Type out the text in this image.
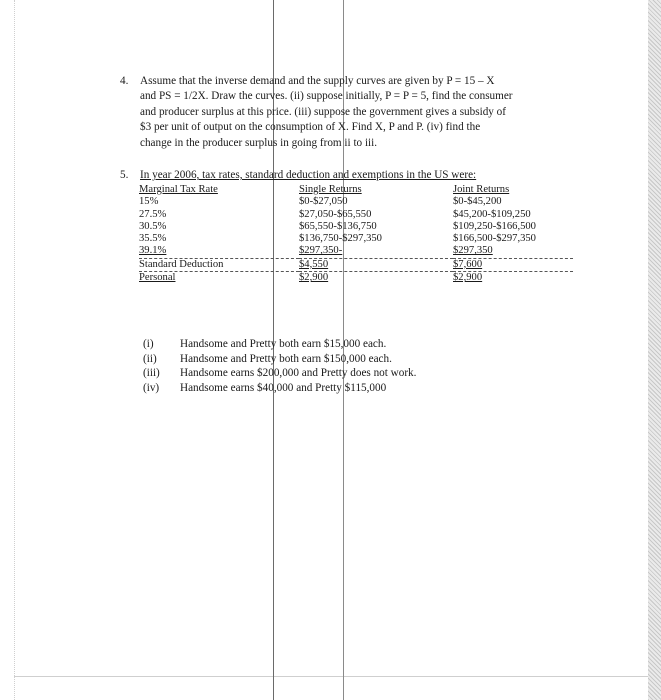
4. Assume that the inverse demand and the supply curves are given by P = 15 – X
and PS = 1/2X. Draw the curves. (ii) suppose initially, P = P = 5, find the consumer
and producer surplus at this price. (iii) suppose the government gives a subsidy of
$3 per unit of output on the consumption of X. Find X, P and P. (iv) find the
change in the producer surplus in going from ii to iii.
5. In year 2006, tax rates, standard deduction and exemptions in the US were:
Marginal Tax Rate	Single Returns	Joint Returns
15%	$0-$27,050	$0-$45,200
27.5%	$27,050-$65,550	$45,200-$109,250
30.5%	$65,550-$136,750	$109,250-$166,500
35.5%	$136,750-$297,350	$166,500-$297,350
39.1%	$297,350-	$297,350
Standard Deduction	$4,550	$7,600
Personal	$2,900	$2,900
(i) Handsome and Pretty both earn $15,000 each.
(ii) Handsome and Pretty both earn $150,000 each.
(iii) Handsome earns $200,000 and Pretty does not work.
(iv) Handsome earns $40,000 and Pretty $115,000
